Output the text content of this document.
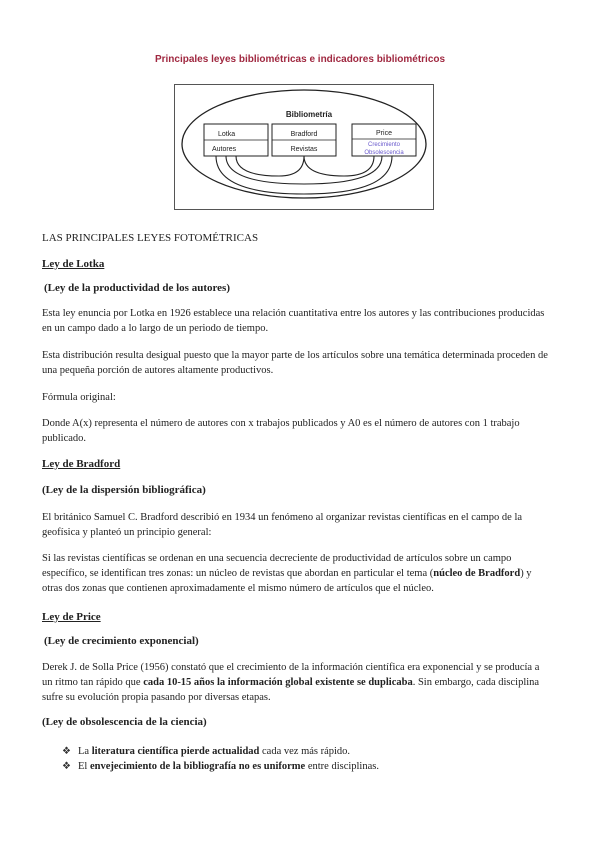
Principales leyes bibliométricas e indicadores bibliométricos
Bibliometría
Lotka
Autores
Bradford
Revistas
Price
Crecimiento
Obsolescencia
LAS PRINCIPALES LEYES FOTOMÉTRICAS
Ley de Lotka
(Ley de la productividad de los autores)
Esta ley enuncia por Lotka en 1926 establece una relación cuantitativa entre los autores y las contribuciones producidas en un campo dado a lo largo de un periodo de tiempo.
Esta distribución resulta desigual puesto que la mayor parte de los artículos sobre una temática determinada proceden de una pequeña porción de autores altamente productivos.
Fórmula original:
Donde A(x) representa el número de autores con x trabajos publicados y A0 es el número de autores con 1 trabajo publicado.
Ley de Bradford
(Ley de la dispersión bibliográfica)
El británico Samuel C. Bradford describió en 1934 un fenómeno al organizar revistas científicas en el campo de la geofísica y planteó un principio general:
Si las revistas científicas se ordenan en una secuencia decreciente de productividad de artículos sobre un campo específico, se identifican tres zonas: un núcleo de revistas que abordan en particular el tema (núcleo de Bradford) y otras dos zonas que contienen aproximadamente el mismo número de artículos que el núcleo.
Ley de Price
(Ley de crecimiento exponencial)
Derek J. de Solla Price (1956) constató que el crecimiento de la información científica era exponencial y se producía a un ritmo tan rápido que cada 10-15 años la información global existente se duplicaba. Sin embargo, cada disciplina sufre su evolución propia pasando por diversas etapas.
(Ley de obsolescencia de la ciencia)
❖ La literatura científica pierde actualidad cada vez más rápido.
❖ El envejecimiento de la bibliografía no es uniforme entre disciplinas.
